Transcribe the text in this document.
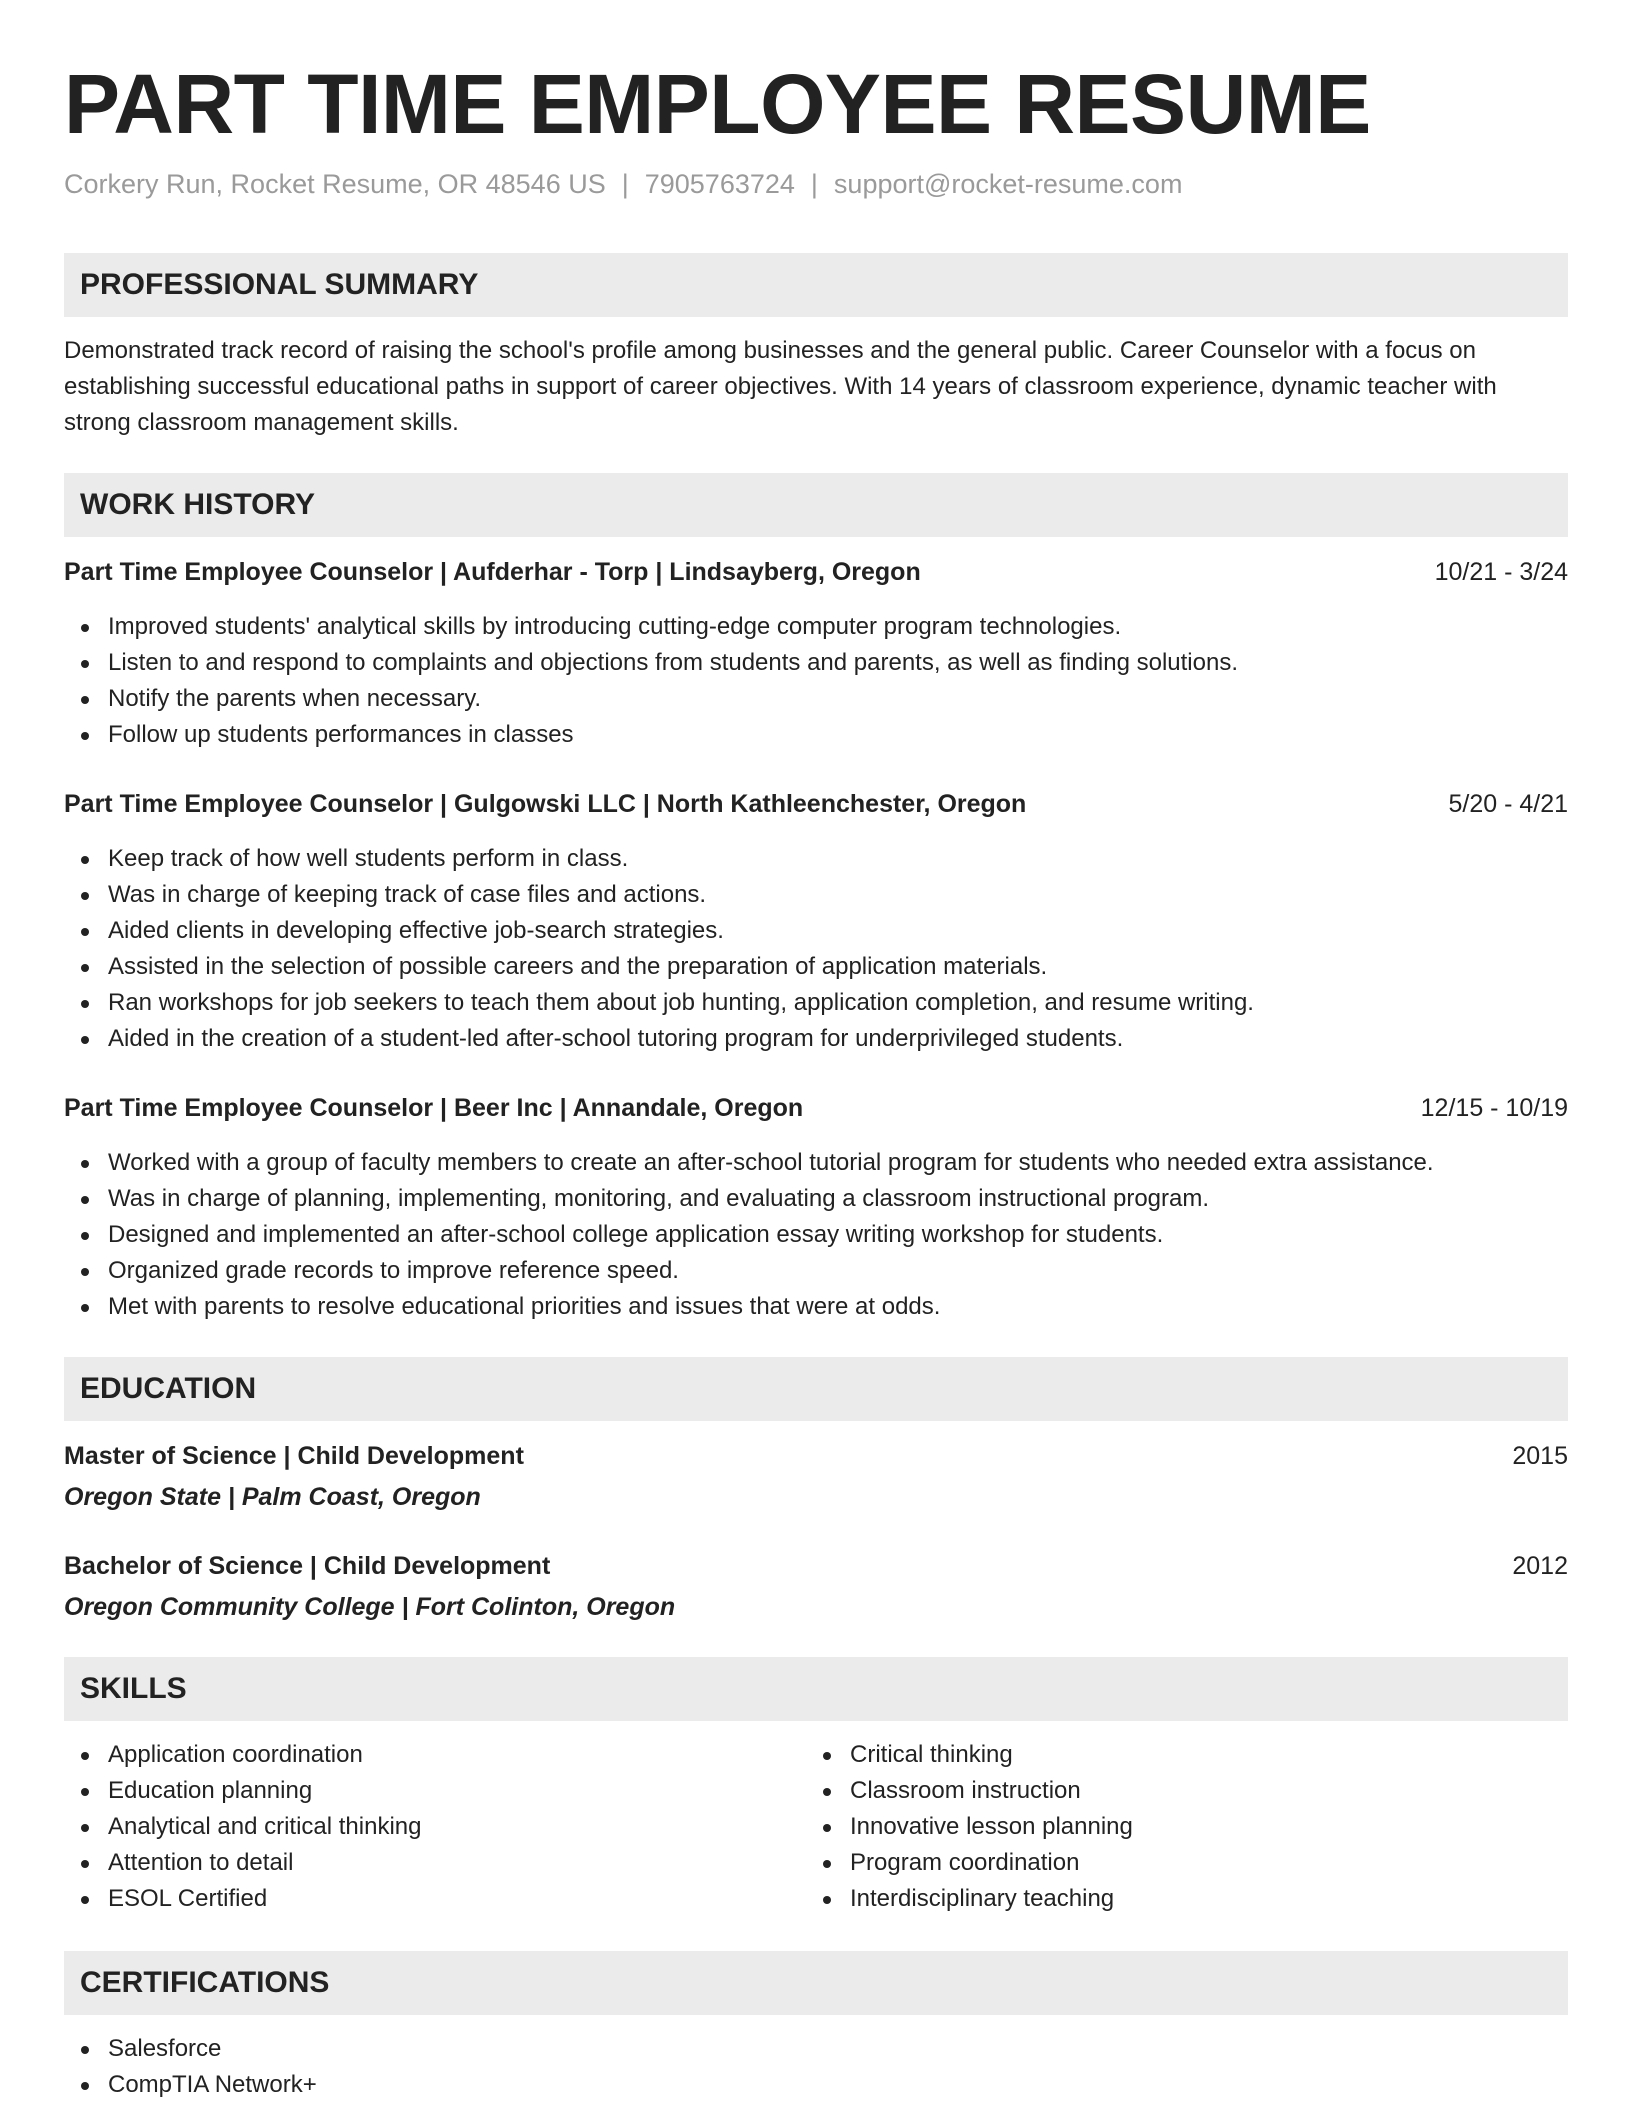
PART TIME EMPLOYEE RESUME
Corkery Run, Rocket Resume, OR 48546 US | 7905763724 | support@rocket-resume.com
PROFESSIONAL SUMMARY

Demonstrated track record of raising the school's profile among businesses and the general public. Career Counselor with a focus on establishing successful educational paths in support of career objectives. With 14 years of classroom experience, dynamic teacher with strong classroom management skills.

WORK HISTORY
Part Time Employee Counselor | Aufderhar - Torp | Lindsayberg, Oregon	10/21 - 3/24
Improved students' analytical skills by introducing cutting-edge computer program technologies.
Listen to and respond to complaints and objections from students and parents, as well as finding solutions.
Notify the parents when necessary.
Follow up students performances in classes
Part Time Employee Counselor | Gulgowski LLC | North Kathleenchester, Oregon	5/20 - 4/21
Keep track of how well students perform in class.
Was in charge of keeping track of case files and actions.
Aided clients in developing effective job-search strategies.
Assisted in the selection of possible careers and the preparation of application materials.
Ran workshops for job seekers to teach them about job hunting, application completion, and resume writing.
Aided in the creation of a student-led after-school tutoring program for underprivileged students.
Part Time Employee Counselor | Beer Inc | Annandale, Oregon	12/15 - 10/19
Worked with a group of faculty members to create an after-school tutorial program for students who needed extra assistance.
Was in charge of planning, implementing, monitoring, and evaluating a classroom instructional program.
Designed and implemented an after-school college application essay writing workshop for students.
Organized grade records to improve reference speed.
Met with parents to resolve educational priorities and issues that were at odds.
EDUCATION
Master of Science | Child Development	2015
Oregon State | Palm Coast, Oregon
Bachelor of Science | Child Development	2012
Oregon Community College | Fort Colinton, Oregon
SKILLS
Application coordination
Education planning
Analytical and critical thinking
Attention to detail
ESOL Certified
Critical thinking
Classroom instruction
Innovative lesson planning
Program coordination
Interdisciplinary teaching
CERTIFICATIONS
Salesforce
CompTIA Network+
